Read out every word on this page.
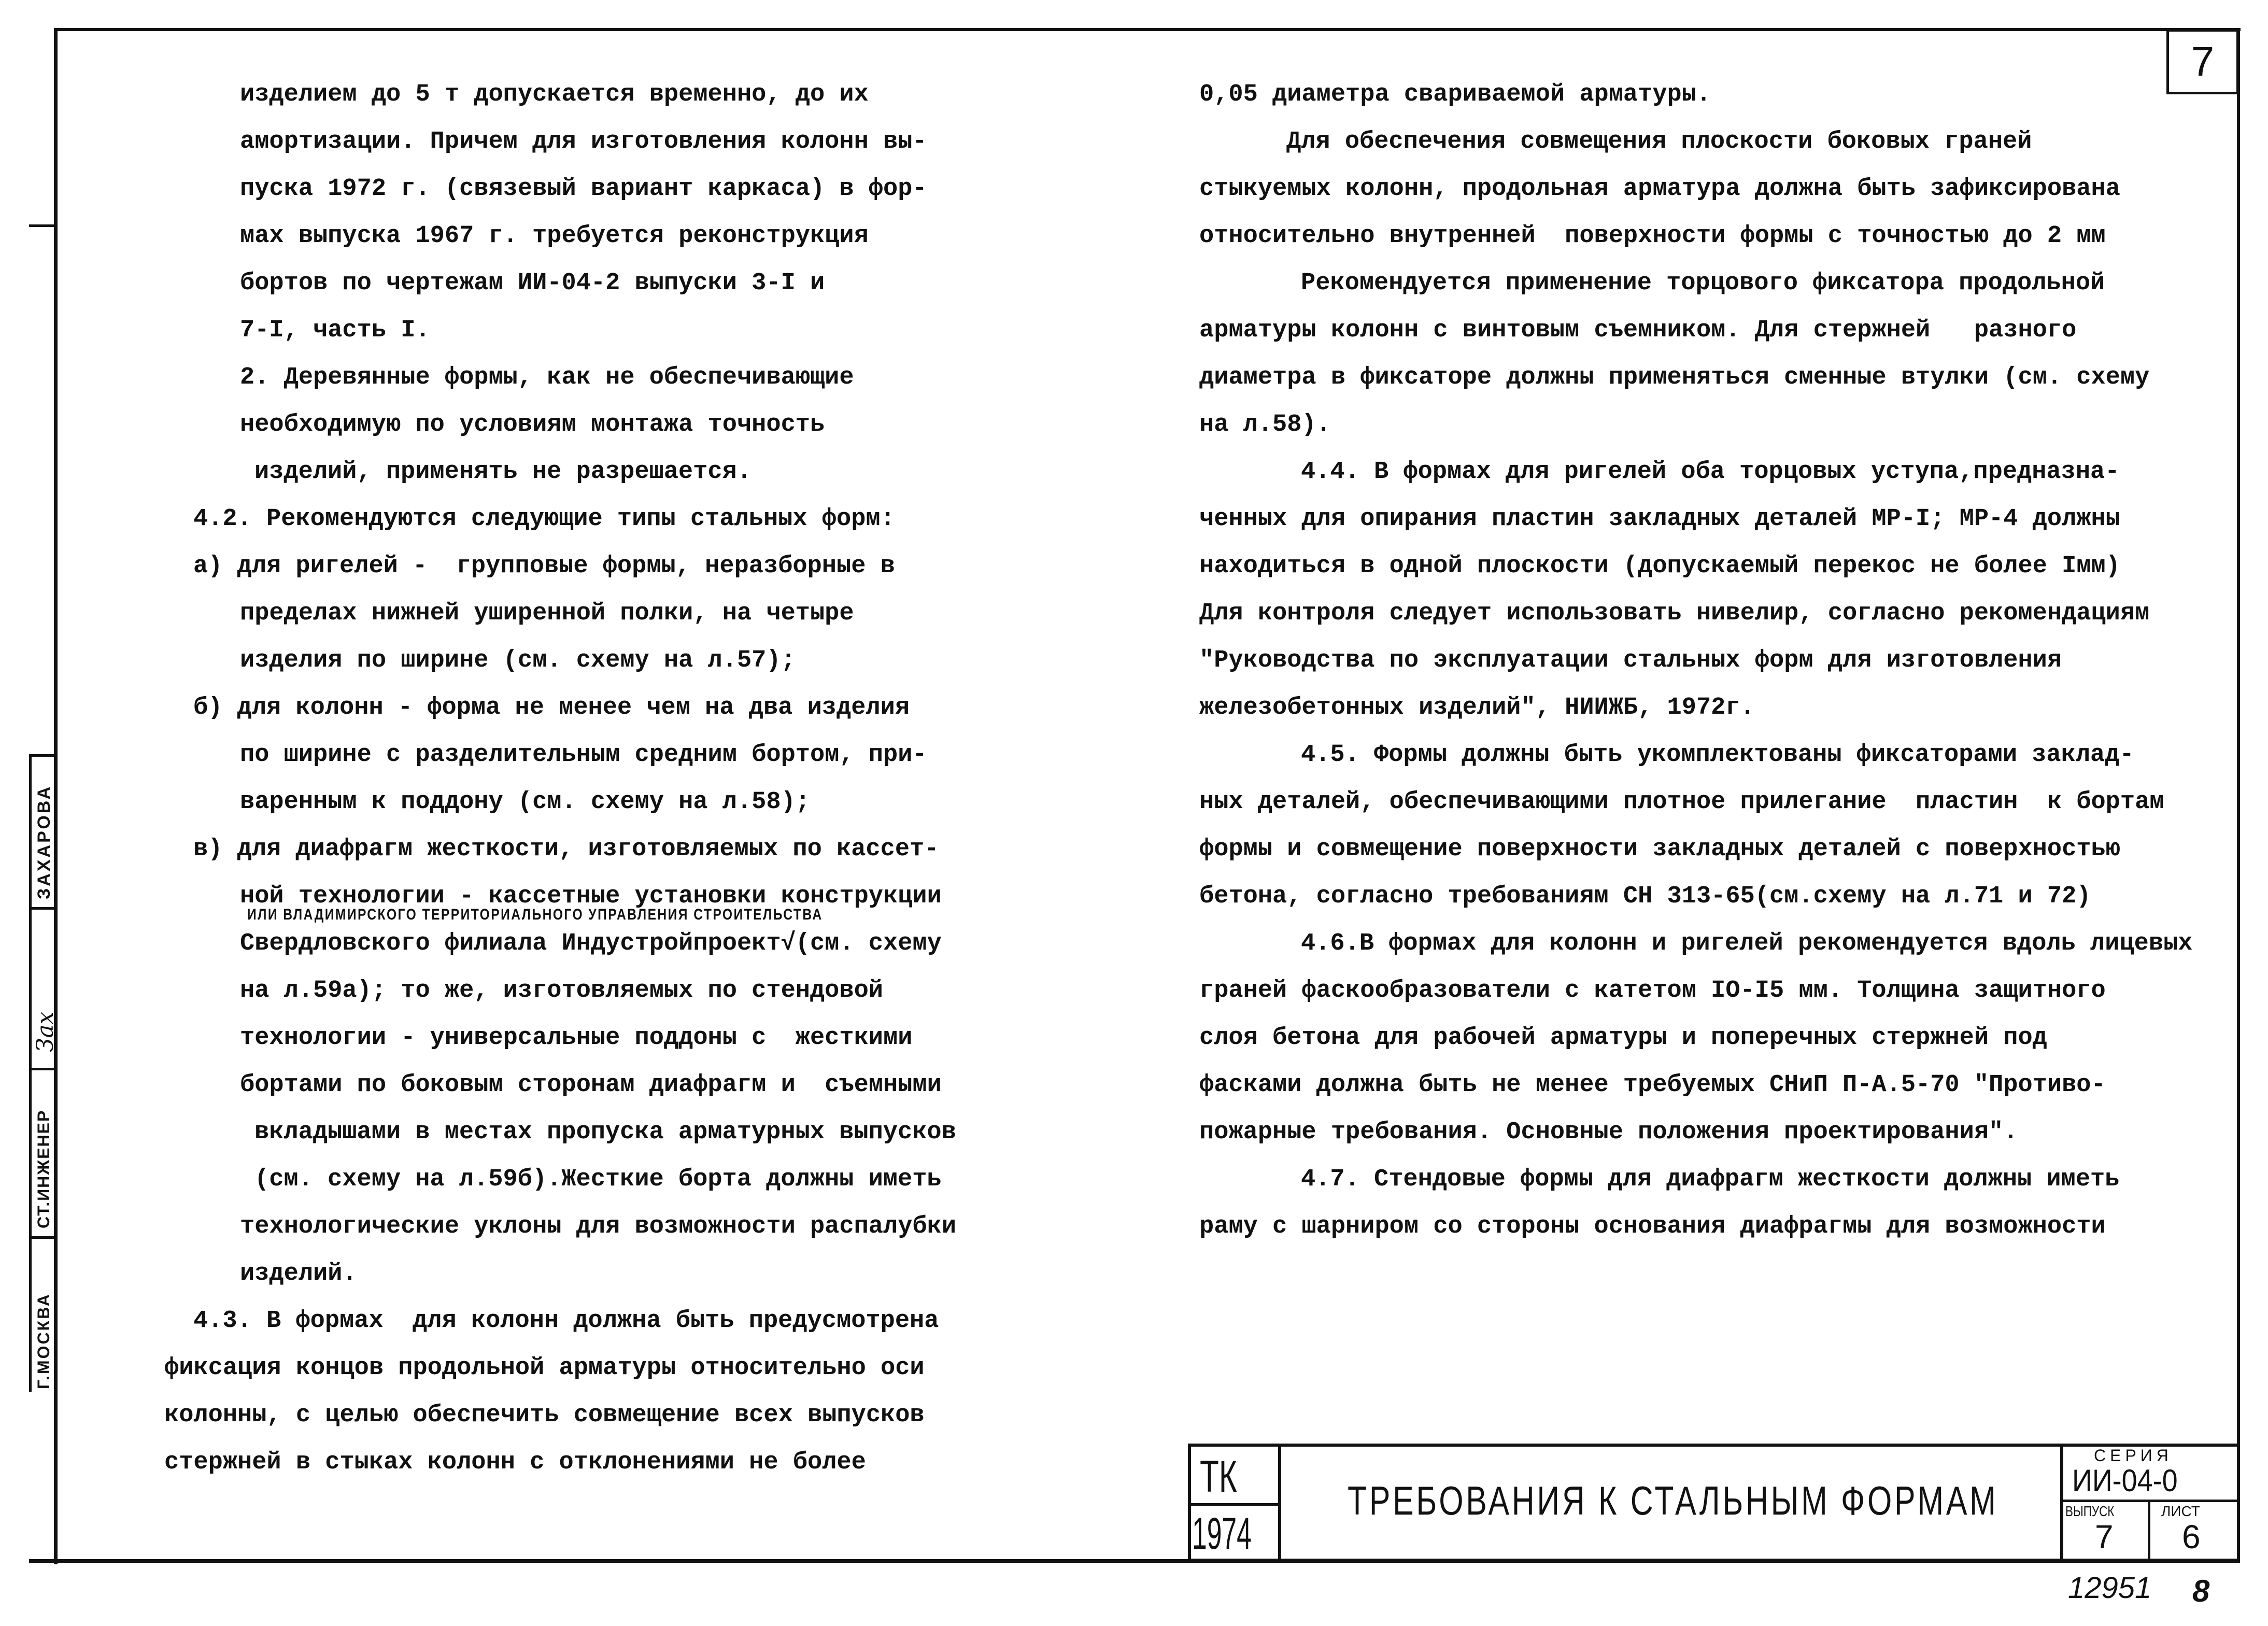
7
изделием до 5 т допускается временно, до их
амортизации. Причем для изготовления колонн вы-
пуска 1972 г. (связевый вариант каркаса) в фор-
мах выпуска 1967 г. требуется реконструкция
бортов по чертежам ИИ-04-2 выпуски 3-I и
7-I, часть I.
2. Деревянные формы, как не обеспечивающие
необходимую по условиям монтажа точность
изделий, применять не разрешается.
4.2. Рекомендуются следующие типы стальных форм:
а) для ригелей -  групповые формы, неразборные в
пределах нижней уширенной полки, на четыре
изделия по ширине (см. схему на л.57);
б) для колонн - форма не менее чем на два изделия
по ширине с разделительным средним бортом, при-
варенным к поддону (см. схему на л.58);
в) для диафрагм жесткости, изготовляемых по кассет-
ной технологии - кассетные установки конструкции
Свердловского филиала Индустройпроект√(см. схему
на л.59а); то же, изготовляемых по стендовой
технологии - универсальные поддоны с  жесткими
бортами по боковым сторонам диафрагм и  съемными
вкладышами в местах пропуска арматурных выпусков
(см. схему на л.59б).Жесткие борта должны иметь
технологические уклоны для возможности распалубки
изделий.
4.3. В формах  для колонн должна быть предусмотрена
фиксация концов продольной арматуры относительно оси
колонны, с целью обеспечить совмещение всех выпусков
стержней в стыках колонн с отклонениями не более
ИЛИ ВЛАДИМИРСКОГО ТЕРРИТОРИАЛЬНОГО УПРАВЛЕНИЯ СТРОИТЕЛЬСТВА
0,05 диаметра свариваемой арматуры.
Для обеспечения совмещения плоскости боковых граней
стыкуемых колонн, продольная арматура должна быть зафиксирована
относительно внутренней  поверхности формы с точностью до 2 мм
Рекомендуется применение торцового фиксатора продольной
арматуры колонн с винтовым съемником. Для стержней   разного
диаметра в фиксаторе должны применяться сменные втулки (см. схему
на л.58).
4.4. В формах для ригелей оба торцовых уступа,предназна-
ченных для опирания пластин закладных деталей МР-I; МР-4 должны
находиться в одной плоскости (допускаемый перекос не более Iмм)
Для контроля следует использовать нивелир, согласно рекомендациям
"Руководства по эксплуатации стальных форм для изготовления
железобетонных изделий", НИИЖБ, 1972г.
4.5. Формы должны быть укомплектованы фиксаторами заклад-
ных деталей, обеспечивающими плотное прилегание  пластин  к бортам
формы и совмещение поверхности закладных деталей с поверхностью
бетона, согласно требованиям СН 313-65(см.схему на л.71 и 72)
4.6.В формах для колонн и ригелей рекомендуется вдоль лицевых
граней фаскообразователи с катетом IO-I5 мм. Толщина защитного
слоя бетона для рабочей арматуры и поперечных стержней под
фасками должна быть не менее требуемых СНиП П-А.5-70 "Противо-
пожарные требования. Основные положения проектирования".
4.7. Стендовые формы для диафрагм жесткости должны иметь
раму с шарниром со стороны основания диафрагмы для возможности
ЗАХАРОВА
Зах
СТ.ИНЖЕНЕР
Г.МОСКВА
ТК
1974
ТРЕБОВАНИЯ К СТАЛЬНЫМ ФОРМАМ
СЕРИЯ
ИИ-04-0
ВЫПУСК
7
ЛИСТ
6
12951 8
